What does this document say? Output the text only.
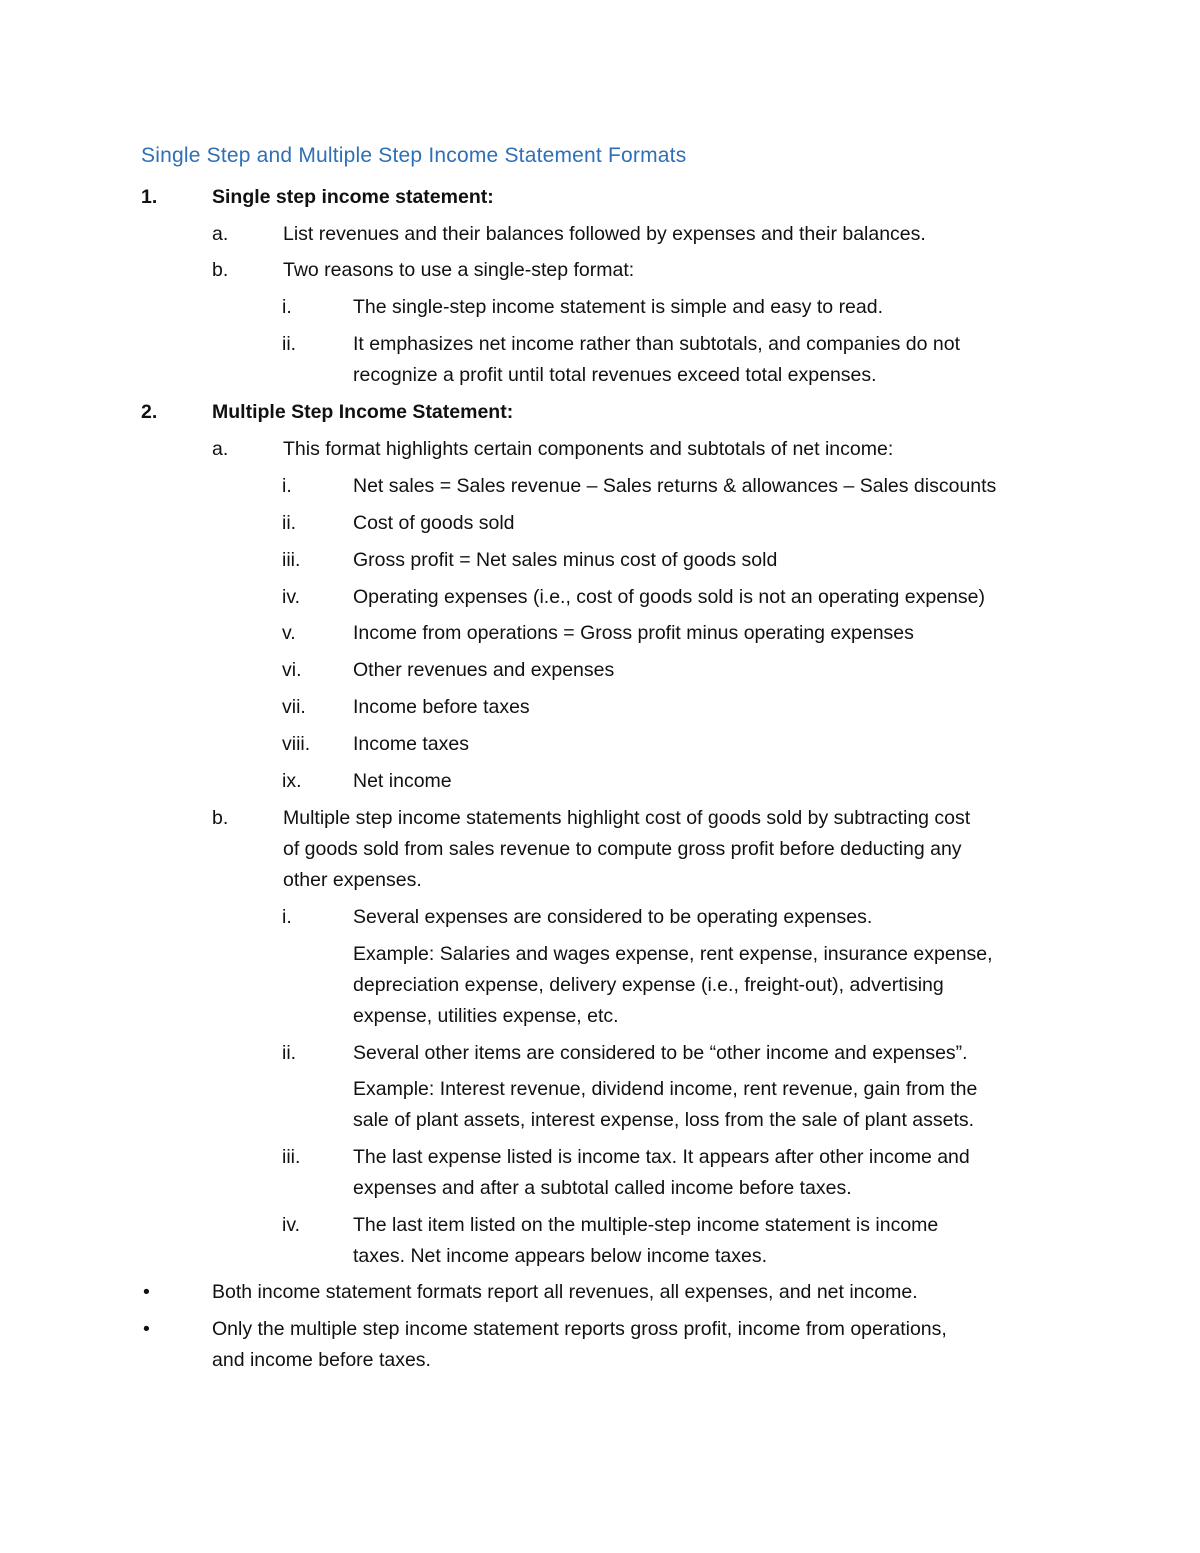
Single Step and Multiple Step Income Statement Formats
1.	Single step income statement:
a.	List revenues and their balances followed by expenses and their balances.
b.	Two reasons to use a single-step format:
i.	The single-step income statement is simple and easy to read.
ii.	It emphasizes net income rather than subtotals, and companies do not
recognize a profit until total revenues exceed total expenses.
2.	Multiple Step Income Statement:
a.	This format highlights certain components and subtotals of net income:
i.	Net sales = Sales revenue – Sales returns & allowances – Sales discounts
ii.	Cost of goods sold
iii.	Gross profit = Net sales minus cost of goods sold
iv.	Operating expenses (i.e., cost of goods sold is not an operating expense)
v.	Income from operations = Gross profit minus operating expenses
vi.	Other revenues and expenses
vii. Income before taxes
viii. Income taxes
ix.	Net income
b.	Multiple step income statements highlight cost of goods sold by subtracting cost
of goods sold from sales revenue to compute gross profit before deducting any
other expenses.
i.	Several expenses are considered to be operating expenses.
Example: Salaries and wages expense, rent expense, insurance expense,
depreciation expense, delivery expense (i.e., freight-out), advertising
expense, utilities expense, etc.
ii.	Several other items are considered to be “other income and expenses”.
Example: Interest revenue, dividend income, rent revenue, gain from the
sale of plant assets, interest expense, loss from the sale of plant assets.
iii.	The last expense listed is income tax. It appears after other income and
expenses and after a subtotal called income before taxes.
iv.	The last item listed on the multiple-step income statement is income
taxes. Net income appears below income taxes.
•	Both income statement formats report all revenues, all expenses, and net income.
•	Only the multiple step income statement reports gross profit, income from operations,
and income before taxes.
